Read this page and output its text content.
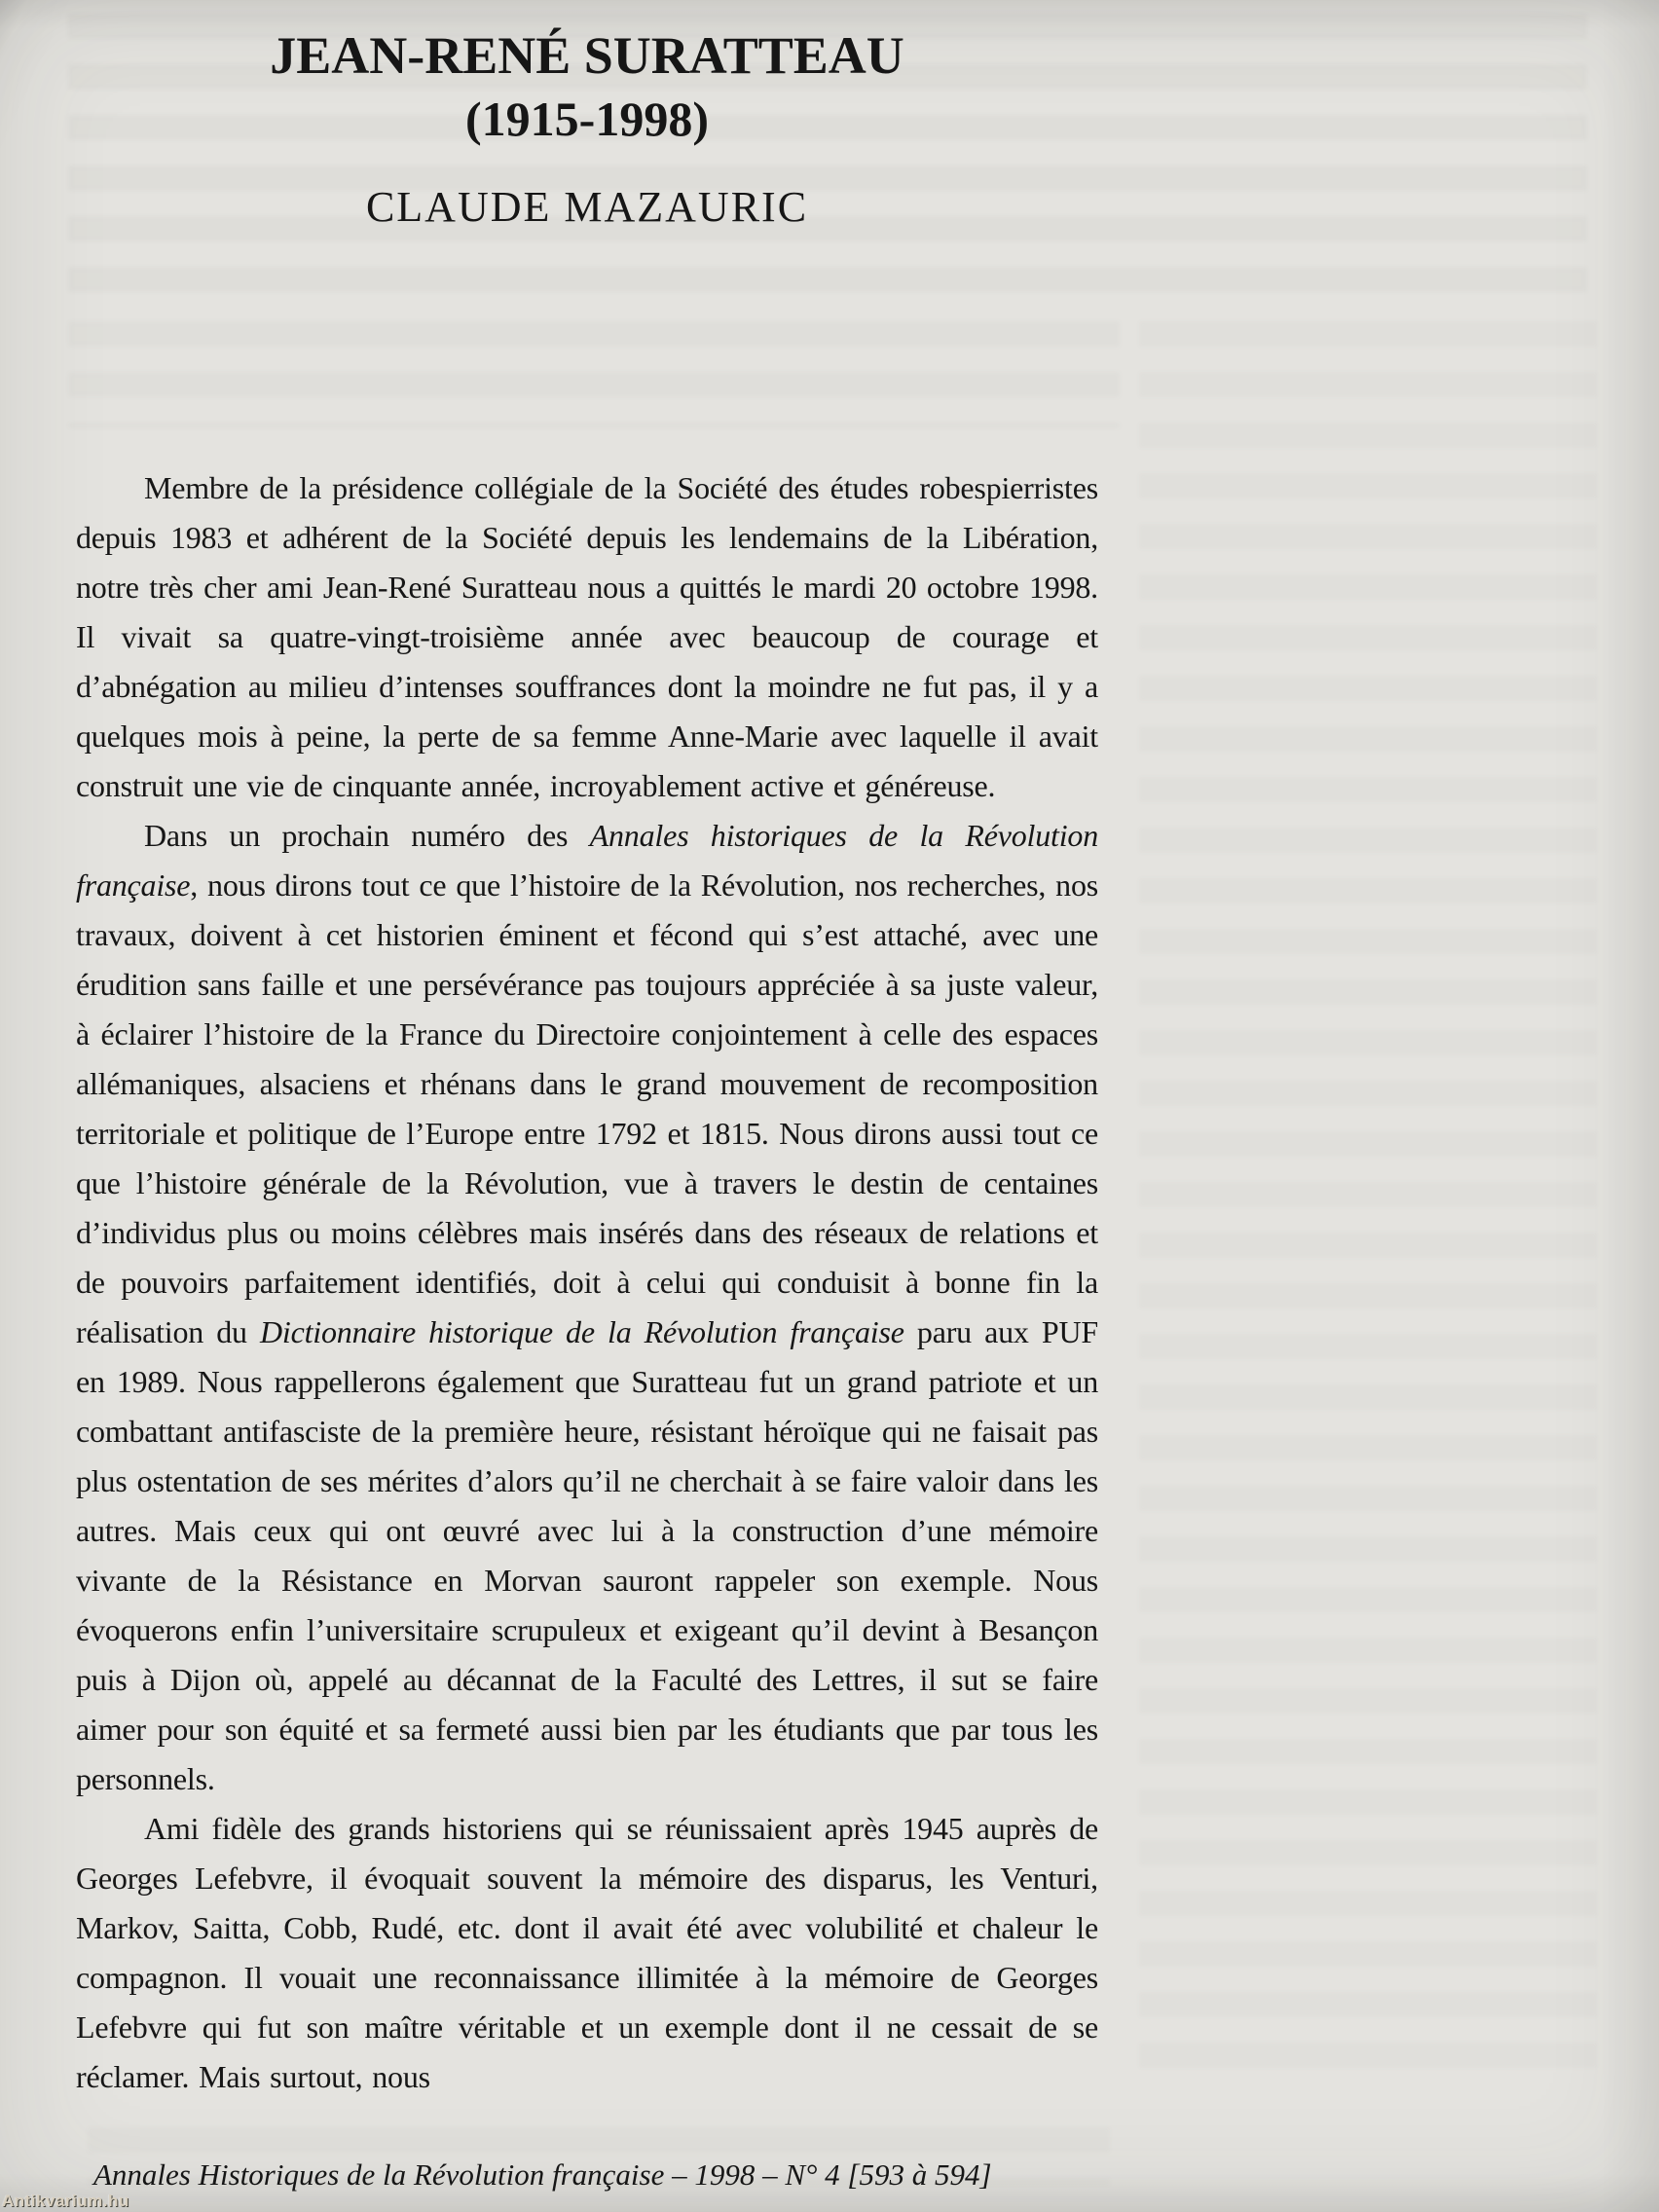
JEAN-RENÉ SURATTEAU
(1915-1998)
CLAUDE MAZAURIC

Membre de la présidence collégiale de la Société des études robespierristes depuis 1983 et adhérent de la Société depuis les lendemains de la Libération, notre très cher ami Jean-René Suratteau nous a quittés le mardi 20 octobre 1998. Il vivait sa quatre-vingt-troisième année avec beaucoup de courage et d’abnégation au milieu d’intenses souffrances dont la moindre ne fut pas, il y a quelques mois à peine, la perte de sa femme Anne-Marie avec laquelle il avait construit une vie de cinquante année, incroyablement active et généreuse.

Dans un prochain numéro des Annales historiques de la Révolution française, nous dirons tout ce que l’histoire de la Révolution, nos recherches, nos travaux, doivent à cet historien éminent et fécond qui s’est attaché, avec une érudition sans faille et une persévérance pas toujours appréciée à sa juste valeur, à éclairer l’histoire de la France du Directoire conjointement à celle des espaces allémaniques, alsaciens et rhénans dans le grand mouvement de recomposition territoriale et politique de l’Europe entre 1792 et 1815. Nous dirons aussi tout ce que l’histoire générale de la Révolution, vue à travers le destin de centaines d’individus plus ou moins célèbres mais insérés dans des réseaux de relations et de pouvoirs parfaitement identifiés, doit à celui qui conduisit à bonne fin la réalisation du Dictionnaire historique de la Révolution française paru aux PUF en 1989. Nous rappellerons également que Suratteau fut un grand patriote et un combattant antifasciste de la première heure, résistant héroïque qui ne faisait pas plus ostentation de ses mérites d’alors qu’il ne cherchait à se faire valoir dans les autres. Mais ceux qui ont œuvré avec lui à la construction d’une mémoire vivante de la Résistance en Morvan sauront rappeler son exemple. Nous évoquerons enfin l’universitaire scrupuleux et exigeant qu’il devint à Besançon puis à Dijon où, appelé au décannat de la Faculté des Lettres, il sut se faire aimer pour son équité et sa fermeté aussi bien par les étudiants que par tous les personnels.

Ami fidèle des grands historiens qui se réunissaient après 1945 auprès de Georges Lefebvre, il évoquait souvent la mémoire des disparus, les Venturi, Markov, Saitta, Cobb, Rudé, etc. dont il avait été avec volubilité et chaleur le compagnon. Il vouait une reconnaissance illimitée à la mémoire de Georges Lefebvre qui fut son maître véritable et un exemple dont il ne cessait de se réclamer. Mais surtout, nous

Annales Historiques de la Révolution française – 1998 – N° 4 [593 à 594]
Antikvarium.hu
